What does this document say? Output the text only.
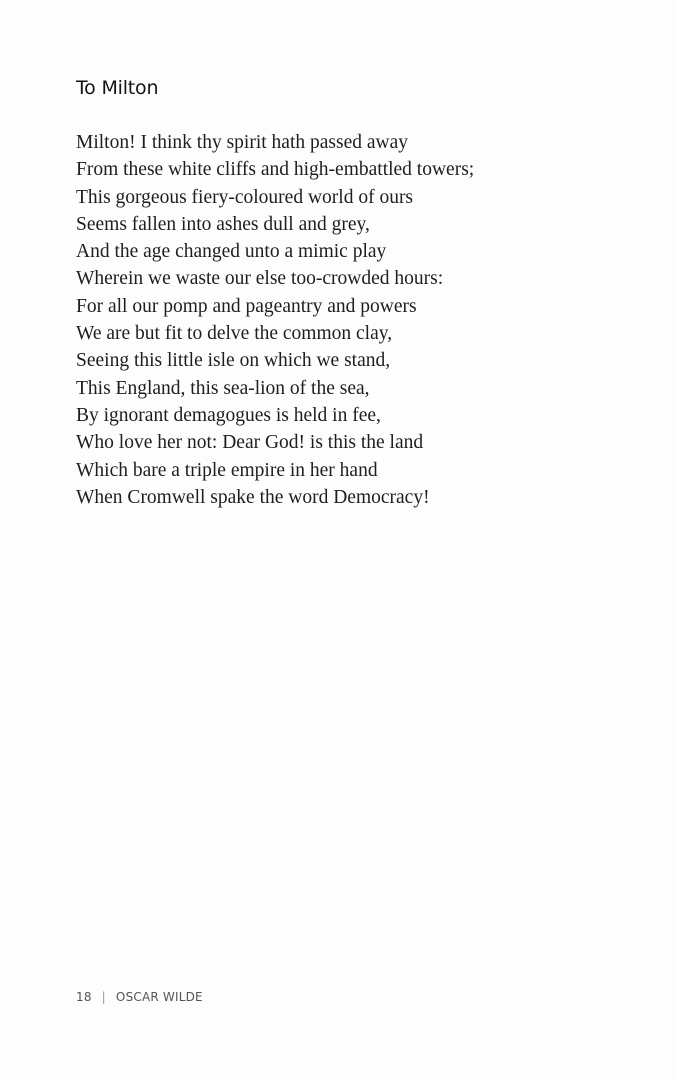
To Milton
Milton! I think thy spirit hath passed away
From these white cliffs and high-embattled towers;
This gorgeous fiery-coloured world of ours
Seems fallen into ashes dull and grey,
And the age changed unto a mimic play
Wherein we waste our else too-crowded hours:
For all our pomp and pageantry and powers
We are but fit to delve the common clay,
Seeing this little isle on which we stand,
This England, this sea-lion of the sea,
By ignorant demagogues is held in fee,
Who love her not: Dear God! is this the land
Which bare a triple empire in her hand
When Cromwell spake the word Democracy!
18 | OSCAR WILDE
